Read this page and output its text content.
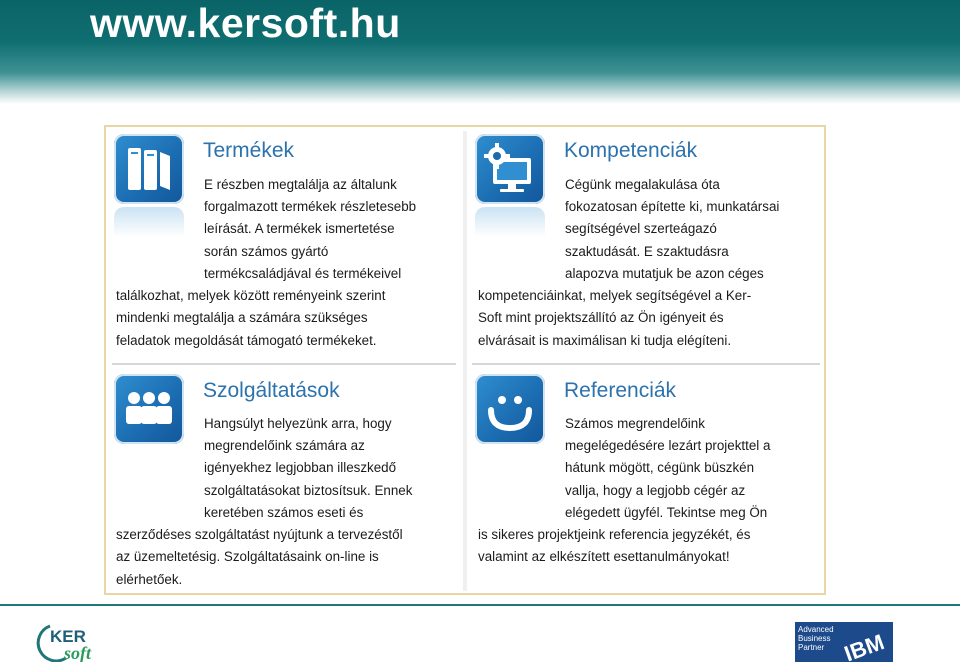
www.kersoft.hu
Termékek
E részben megtalálja az általunk
forgalmazott termékek részletesebb
leírását. A termékek ismertetése
során számos gyártó
termékcsaládjával és termékeivel
találkozhat, melyek között reményeink szerint
mindenki megtalálja a számára szükséges
feladatok megoldását támogató termékeket.
Kompetenciák
Cégünk megalakulása óta
fokozatosan építette ki, munkatársai
segítségével szerteágazó
szaktudását. E szaktudásra
alapozva mutatjuk be azon céges
kompetenciáinkat, melyek segítségével a Ker-
Soft mint projektszállító az Ön igényeit és
elvárásait is maximálisan ki tudja elégíteni.
Szolgáltatások
Hangsúlyt helyezünk arra, hogy
megrendelőink számára az
igényekhez legjobban illeszkedő
szolgáltatásokat biztosítsuk. Ennek
keretében számos eseti és
szerződéses szolgáltatást nyújtunk a tervezéstől
az üzemeltetésig. Szolgáltatásaink on-line is
elérhetőek.
Referenciák
Számos megrendelőink
megelégedésére lezárt projekttel a
hátunk mögött, cégünk büszkén
vallja, hogy a legjobb cégér az
elégedett ügyfél. Tekintse meg Ön
is sikeres projektjeink referencia jegyzékét, és
valamint az elkészített esettanulmányokat!
KER
soft
Advanced
Business
Partner IBM
